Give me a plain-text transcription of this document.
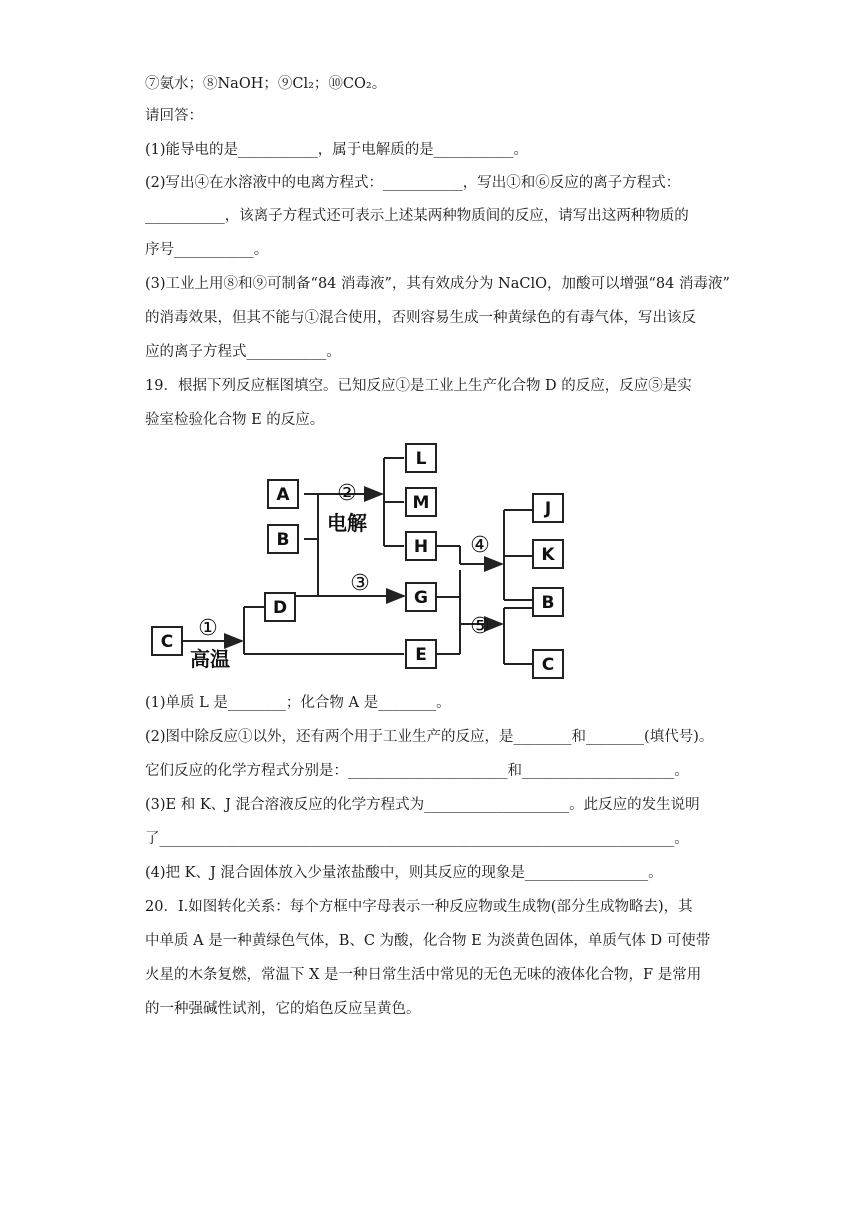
⑦氨水；⑧NaOH；⑨Cl₂；⑩CO₂。
请回答：
(1)能导电的是___________，属于电解质的是___________。
(2)写出④在水溶液中的电离方程式：___________，写出①和⑥反应的离子方程式：
___________，该离子方程式还可表示上述某两种物质间的反应，请写出这两种物质的
序号___________。
(3)工业上用⑧和⑨可制备“84 消毒液”，其有效成分为 NaClO，加酸可以增强“84 消毒液”
的消毒效果，但其不能与①混合使用，否则容易生成一种黄绿色的有毒气体，写出该反
应的离子方程式___________。
19．根据下列反应框图填空。已知反应①是工业上生产化合物 D 的反应，反应⑤是实
验室检验化合物 E 的反应。
A
B
C
D
L
M
H
G
E
J
K
B
C
①
②
③
④
⑤
电解
高温
(1)单质 L 是________；化合物 A 是________。
(2)图中除反应①以外，还有两个用于工业生产的反应，是________和________(填代号)。
它们反应的化学方程式分别是：______________________和_____________________。
(3)E 和 K、J 混合溶液反应的化学方程式为____________________。此反应的发生说明
了_______________________________________________________________________。
(4)把 K、J 混合固体放入少量浓盐酸中，则其反应的现象是_________________。
20．I.如图转化关系：每个方框中字母表示一种反应物或生成物(部分生成物略去)，其
中单质 A 是一种黄绿色气体，B、C 为酸，化合物 E 为淡黄色固体，单质气体 D 可使带
火星的木条复燃，常温下 X 是一种日常生活中常见的无色无味的液体化合物，F 是常用
的一种强碱性试剂，它的焰色反应呈黄色。
